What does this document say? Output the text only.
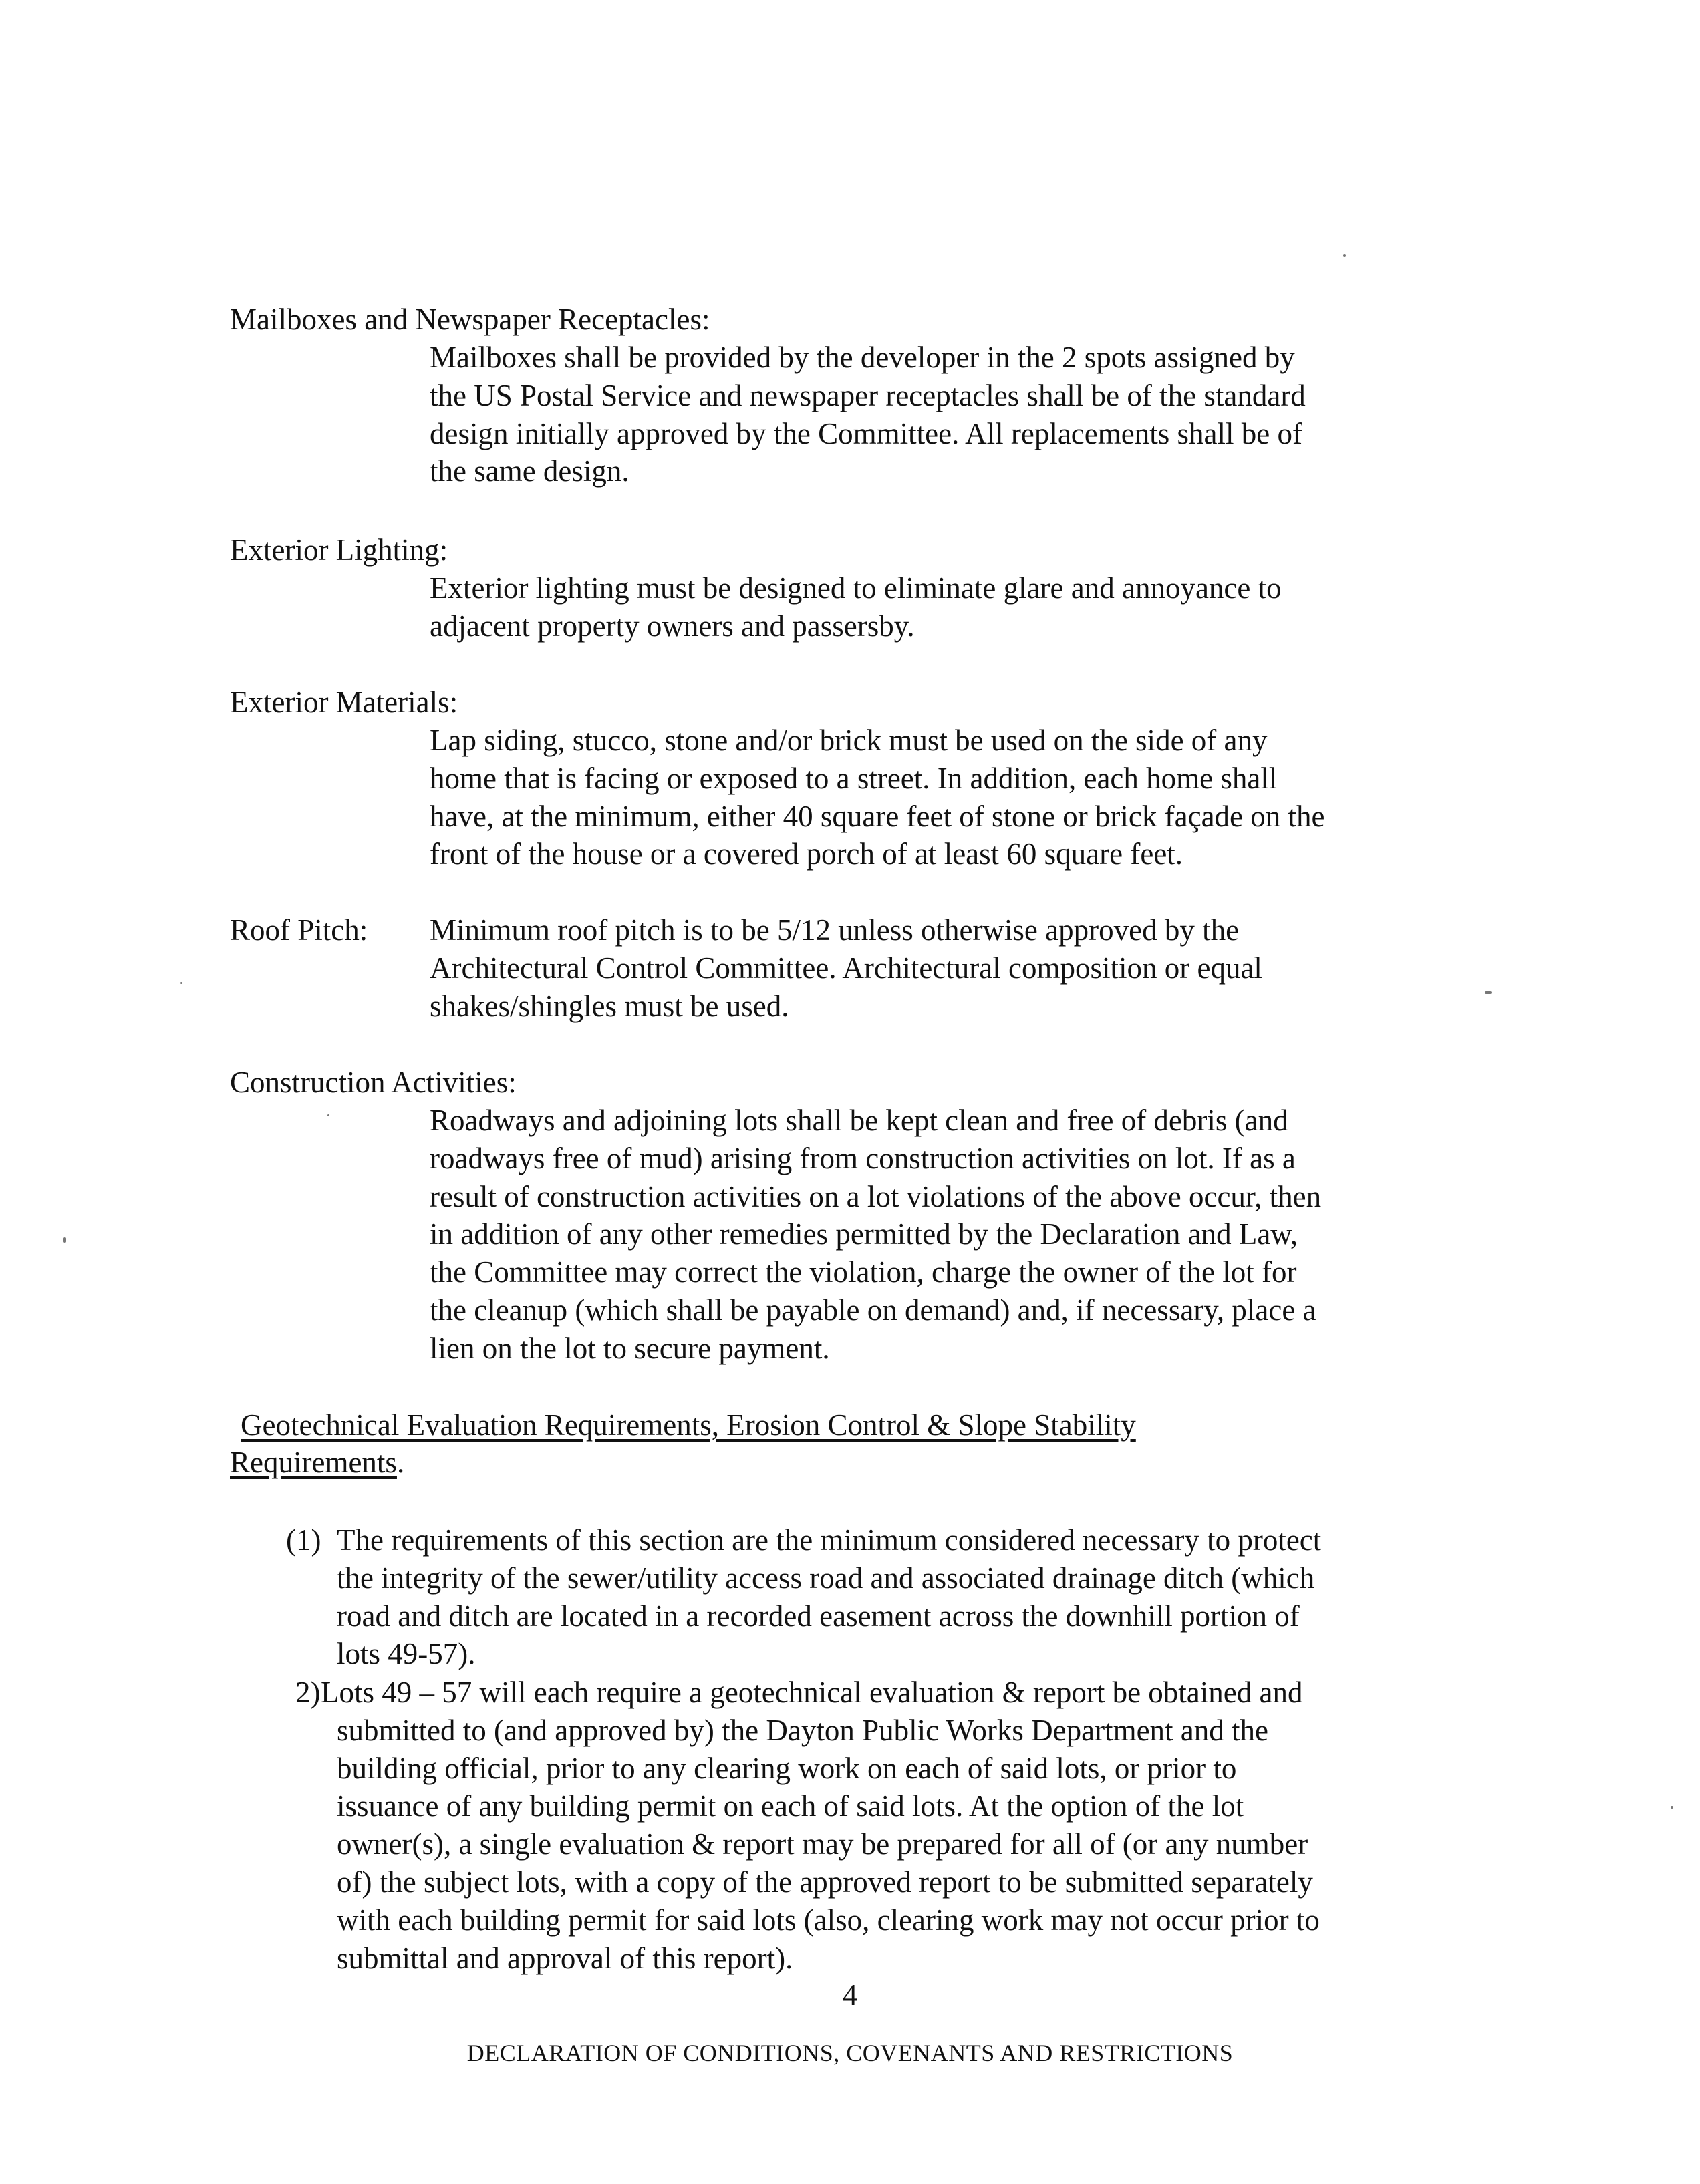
Mailboxes and Newspaper Receptacles:
Mailboxes shall be provided by the developer in the 2 spots assigned by
the US Postal Service and newspaper receptacles shall be of the standard
design initially approved by the Committee. All replacements shall be of
the same design.
Exterior Lighting:
Exterior lighting must be designed to eliminate glare and annoyance to
adjacent property owners and passersby.
Exterior Materials:
Lap siding, stucco, stone and/or brick must be used on the side of any
home that is facing or exposed to a street. In addition, each home shall
have, at the minimum, either 40 square feet of stone or brick façade on the
front of the house or a covered porch of at least 60 square feet.
Roof Pitch: Minimum roof pitch is to be 5/12 unless otherwise approved by the
Architectural Control Committee. Architectural composition or equal
shakes/shingles must be used.
Construction Activities:
Roadways and adjoining lots shall be kept clean and free of debris (and
roadways free of mud) arising from construction activities on lot. If as a
result of construction activities on a lot violations of the above occur, then
in addition of any other remedies permitted by the Declaration and Law,
the Committee may correct the violation, charge the owner of the lot for
the cleanup (which shall be payable on demand) and, if necessary, place a
lien on the lot to secure payment.
Geotechnical Evaluation Requirements, Erosion Control & Slope Stability
Requirements.
(1) The requirements of this section are the minimum considered necessary to protect
the integrity of the sewer/utility access road and associated drainage ditch (which
road and ditch are located in a recorded easement across the downhill portion of
lots 49-57).
2) Lots 49 – 57 will each require a geotechnical evaluation & report be obtained and
submitted to (and approved by) the Dayton Public Works Department and the
building official, prior to any clearing work on each of said lots, or prior to
issuance of any building permit on each of said lots. At the option of the lot
owner(s), a single evaluation & report may be prepared for all of (or any number
of) the subject lots, with a copy of the approved report to be submitted separately
with each building permit for said lots (also, clearing work may not occur prior to
submittal and approval of this report).
4
DECLARATION OF CONDITIONS, COVENANTS AND RESTRICTIONS
